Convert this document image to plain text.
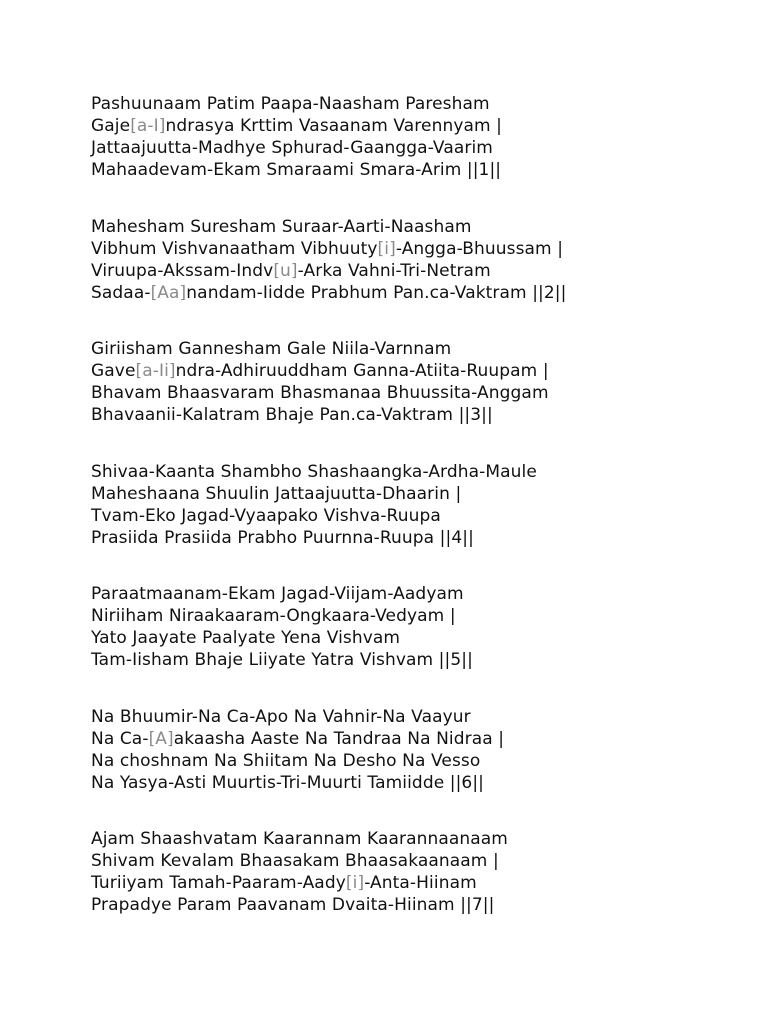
Pashuunaam Patim Paapa-Naasham Paresham
Gaje[a-I]ndrasya Krttim Vasaanam Varennyam |
Jattaajuutta-Madhye Sphurad-Gaangga-Vaarim
Mahaadevam-Ekam Smaraami Smara-Arim ||1||
Mahesham Suresham Suraar-Aarti-Naasham
Vibhum Vishvanaatham Vibhuuty[i]-Angga-Bhuussam |
Viruupa-Akssam-Indv[u]-Arka Vahni-Tri-Netram
Sadaa-[Aa]nandam-Iidde Prabhum Pan.ca-Vaktram ||2||
Giriisham Gannesham Gale Niila-Varnnam
Gave[a-Ii]ndra-Adhiruuddham Ganna-Atiita-Ruupam |
Bhavam Bhaasvaram Bhasmanaa Bhuussita-Anggam
Bhavaanii-Kalatram Bhaje Pan.ca-Vaktram ||3||
Shivaa-Kaanta Shambho Shashaangka-Ardha-Maule
Maheshaana Shuulin Jattaajuutta-Dhaarin |
Tvam-Eko Jagad-Vyaapako Vishva-Ruupa
Prasiida Prasiida Prabho Puurnna-Ruupa ||4||
Paraatmaanam-Ekam Jagad-Viijam-Aadyam
Niriiham Niraakaaram-Ongkaara-Vedyam |
Yato Jaayate Paalyate Yena Vishvam
Tam-Iisham Bhaje Liiyate Yatra Vishvam ||5||
Na Bhuumir-Na Ca-Apo Na Vahnir-Na Vaayur
Na Ca-[A]akaasha Aaste Na Tandraa Na Nidraa |
Na choshnam Na Shiitam Na Desho Na Vesso
Na Yasya-Asti Muurtis-Tri-Muurti Tamiidde ||6||
Ajam Shaashvatam Kaarannam Kaarannaanaam
Shivam Kevalam Bhaasakam Bhaasakaanaam |
Turiiyam Tamah-Paaram-Aady[i]-Anta-Hiinam
Prapadye Param Paavanam Dvaita-Hiinam ||7||
